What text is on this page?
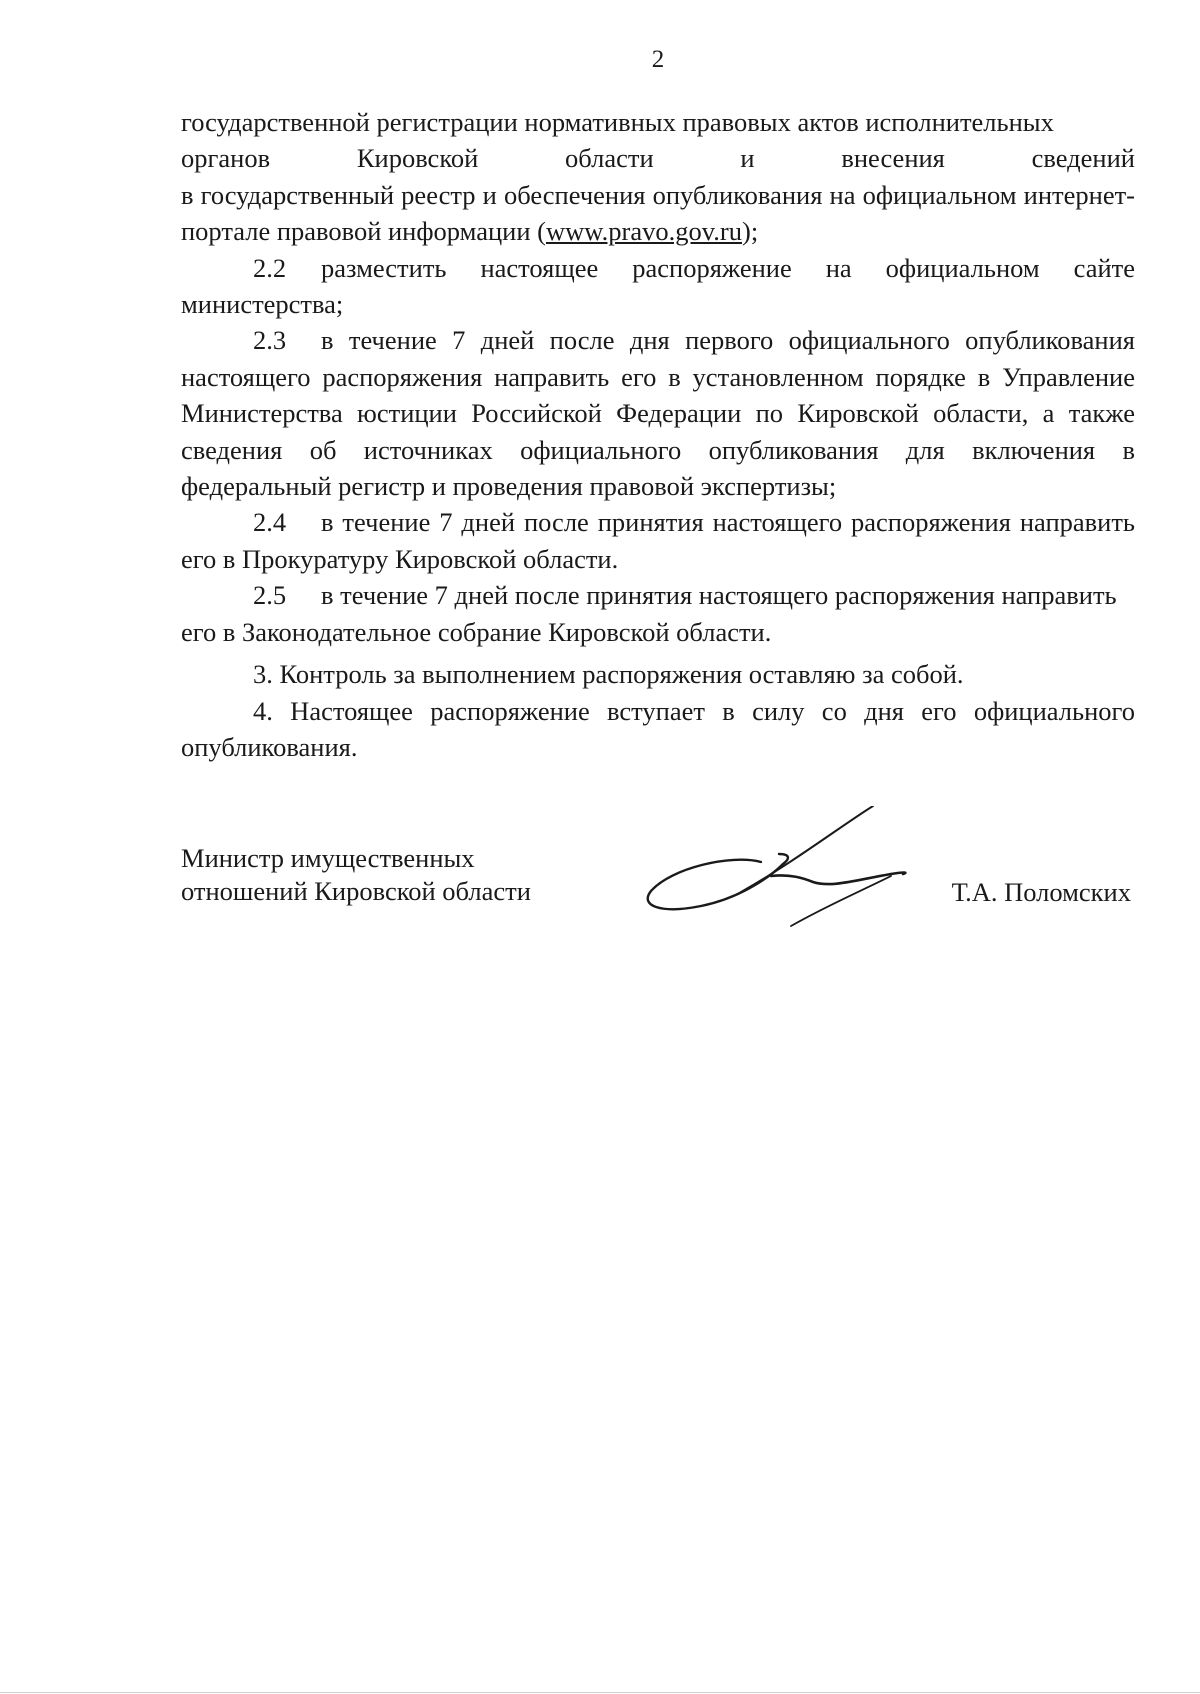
2

государственной регистрации нормативных правовых актов исполнительных

органов	Кировской	области	и	внесения	сведений

в государственный реестр и обеспечения опубликования на официальном интернет-портале правовой информации (www.pravo.gov.ru);

2.2 разместить настоящее распоряжение на официальном сайте министерства;

2.3 в течение 7 дней после дня первого официального опубликования настоящего распоряжения направить его в установленном порядке в Управление Министерства юстиции Российской Федерации по Кировской области, а также сведения об источниках официального опубликования для включения в федеральный регистр и проведения правовой экспертизы;

2.4 в течение 7 дней после принятия настоящего распоряжения направить его в Прокуратуру Кировской области.

2.5 в течение 7 дней после принятия настоящего распоряжения направить его в Законодательное собрание Кировской области.

3. Контроль за выполнением распоряжения оставляю за собой.

4. Настоящее распоряжение вступает в силу со дня его официального опубликования.

Министр имущественных
отношений Кировской области	Т.А. Поломских
